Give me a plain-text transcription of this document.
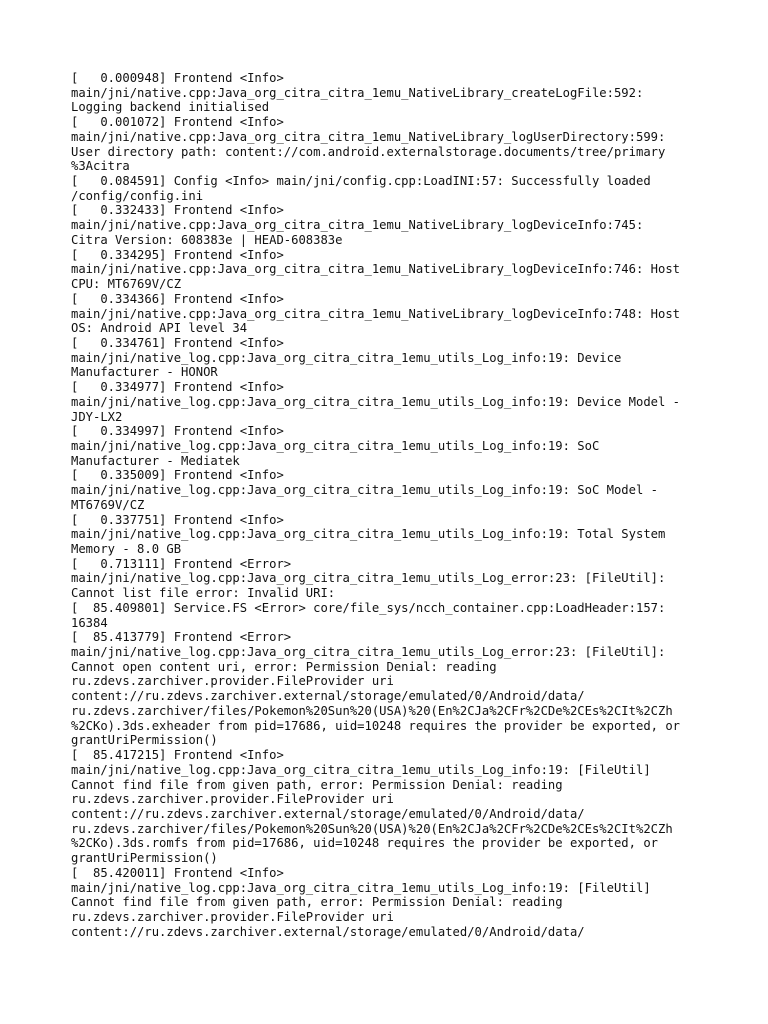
[   0.000948] Frontend <Info>
main/jni/native.cpp:Java_org_citra_citra_1emu_NativeLibrary_createLogFile:592:
Logging backend initialised
[   0.001072] Frontend <Info>
main/jni/native.cpp:Java_org_citra_citra_1emu_NativeLibrary_logUserDirectory:599:
User directory path: content://com.android.externalstorage.documents/tree/primary
%3Acitra
[   0.084591] Config <Info> main/jni/config.cpp:LoadINI:57: Successfully loaded
/config/config.ini
[   0.332433] Frontend <Info>
main/jni/native.cpp:Java_org_citra_citra_1emu_NativeLibrary_logDeviceInfo:745:
Citra Version: 608383e | HEAD-608383e
[   0.334295] Frontend <Info>
main/jni/native.cpp:Java_org_citra_citra_1emu_NativeLibrary_logDeviceInfo:746: Host
CPU: MT6769V/CZ
[   0.334366] Frontend <Info>
main/jni/native.cpp:Java_org_citra_citra_1emu_NativeLibrary_logDeviceInfo:748: Host
OS: Android API level 34
[   0.334761] Frontend <Info>
main/jni/native_log.cpp:Java_org_citra_citra_1emu_utils_Log_info:19: Device
Manufacturer - HONOR
[   0.334977] Frontend <Info>
main/jni/native_log.cpp:Java_org_citra_citra_1emu_utils_Log_info:19: Device Model -
JDY-LX2
[   0.334997] Frontend <Info>
main/jni/native_log.cpp:Java_org_citra_citra_1emu_utils_Log_info:19: SoC
Manufacturer - Mediatek
[   0.335009] Frontend <Info>
main/jni/native_log.cpp:Java_org_citra_citra_1emu_utils_Log_info:19: SoC Model -
MT6769V/CZ
[   0.337751] Frontend <Info>
main/jni/native_log.cpp:Java_org_citra_citra_1emu_utils_Log_info:19: Total System
Memory - 8.0 GB
[   0.713111] Frontend <Error>
main/jni/native_log.cpp:Java_org_citra_citra_1emu_utils_Log_error:23: [FileUtil]:
Cannot list file error: Invalid URI:
[  85.409801] Service.FS <Error> core/file_sys/ncch_container.cpp:LoadHeader:157:
16384
[  85.413779] Frontend <Error>
main/jni/native_log.cpp:Java_org_citra_citra_1emu_utils_Log_error:23: [FileUtil]:
Cannot open content uri, error: Permission Denial: reading
ru.zdevs.zarchiver.provider.FileProvider uri
content://ru.zdevs.zarchiver.external/storage/emulated/0/Android/data/
ru.zdevs.zarchiver/files/Pokemon%20Sun%20(USA)%20(En%2CJa%2CFr%2CDe%2CEs%2CIt%2CZh
%2CKo).3ds.exheader from pid=17686, uid=10248 requires the provider be exported, or
grantUriPermission()
[  85.417215] Frontend <Info>
main/jni/native_log.cpp:Java_org_citra_citra_1emu_utils_Log_info:19: [FileUtil]
Cannot find file from given path, error: Permission Denial: reading
ru.zdevs.zarchiver.provider.FileProvider uri
content://ru.zdevs.zarchiver.external/storage/emulated/0/Android/data/
ru.zdevs.zarchiver/files/Pokemon%20Sun%20(USA)%20(En%2CJa%2CFr%2CDe%2CEs%2CIt%2CZh
%2CKo).3ds.romfs from pid=17686, uid=10248 requires the provider be exported, or
grantUriPermission()
[  85.420011] Frontend <Info>
main/jni/native_log.cpp:Java_org_citra_citra_1emu_utils_Log_info:19: [FileUtil]
Cannot find file from given path, error: Permission Denial: reading
ru.zdevs.zarchiver.provider.FileProvider uri
content://ru.zdevs.zarchiver.external/storage/emulated/0/Android/data/
